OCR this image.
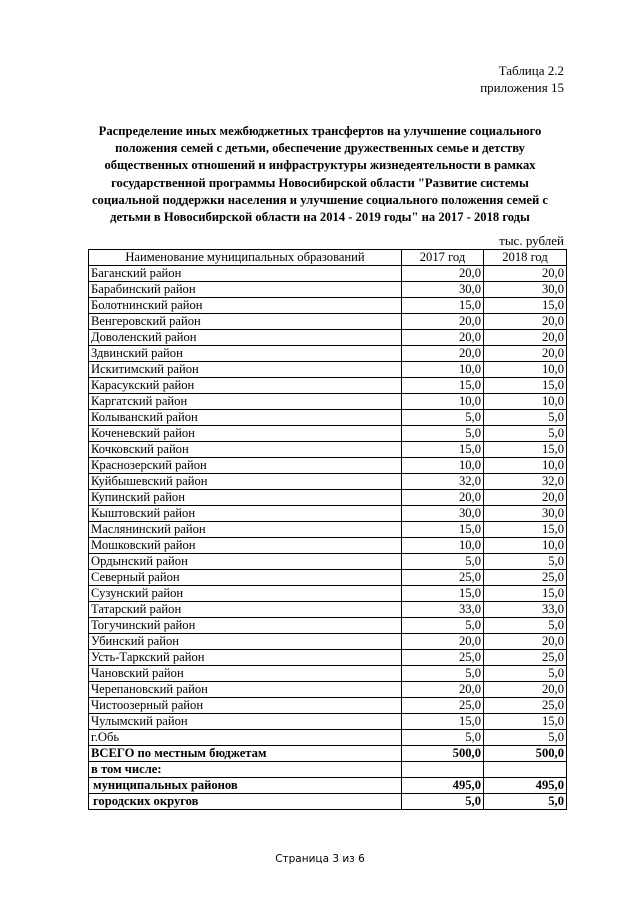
Таблица 2.2
приложения 15
Распределение иных межбюджетных трансфертов на улучшение социального
положения семей с детьми, обеспечение дружественных семье и детству
общественных отношений и инфраструктуры жизнедеятельности в рамках
государственной программы Новосибирской области "Развитие системы
социальной поддержки населения и улучшение социального положения семей с
детьми в Новосибирской области на 2014 - 2019 годы" на 2017 - 2018 годы
тыс. рублей
Наименование муниципальных образований	2017 год	2018 год
Баганский район	20,0	20,0
Барабинский район	30,0	30,0
Болотнинский район	15,0	15,0
Венгеровский район	20,0	20,0
Доволенский район	20,0	20,0
Здвинский район	20,0	20,0
Искитимский район	10,0	10,0
Карасукский район	15,0	15,0
Каргатский район	10,0	10,0
Колыванский район	5,0	5,0
Коченевский район	5,0	5,0
Кочковский район	15,0	15,0
Краснозерский район	10,0	10,0
Куйбышевский район	32,0	32,0
Купинский район	20,0	20,0
Кыштовский район	30,0	30,0
Маслянинский район	15,0	15,0
Мошковский район	10,0	10,0
Ордынский район	5,0	5,0
Северный район	25,0	25,0
Сузунский район	15,0	15,0
Татарский район	33,0	33,0
Тогучинский район	5,0	5,0
Убинский район	20,0	20,0
Усть-Таркский район	25,0	25,0
Чановский район	5,0	5,0
Черепановский район	20,0	20,0
Чистоозерный район	25,0	25,0
Чулымский район	15,0	15,0
г.Обь	5,0	5,0
ВСЕГО по местным бюджетам	500,0	500,0
в том числе:		
муниципальных районов	495,0	495,0
городских округов	5,0	5,0
Страница 3 из 6
